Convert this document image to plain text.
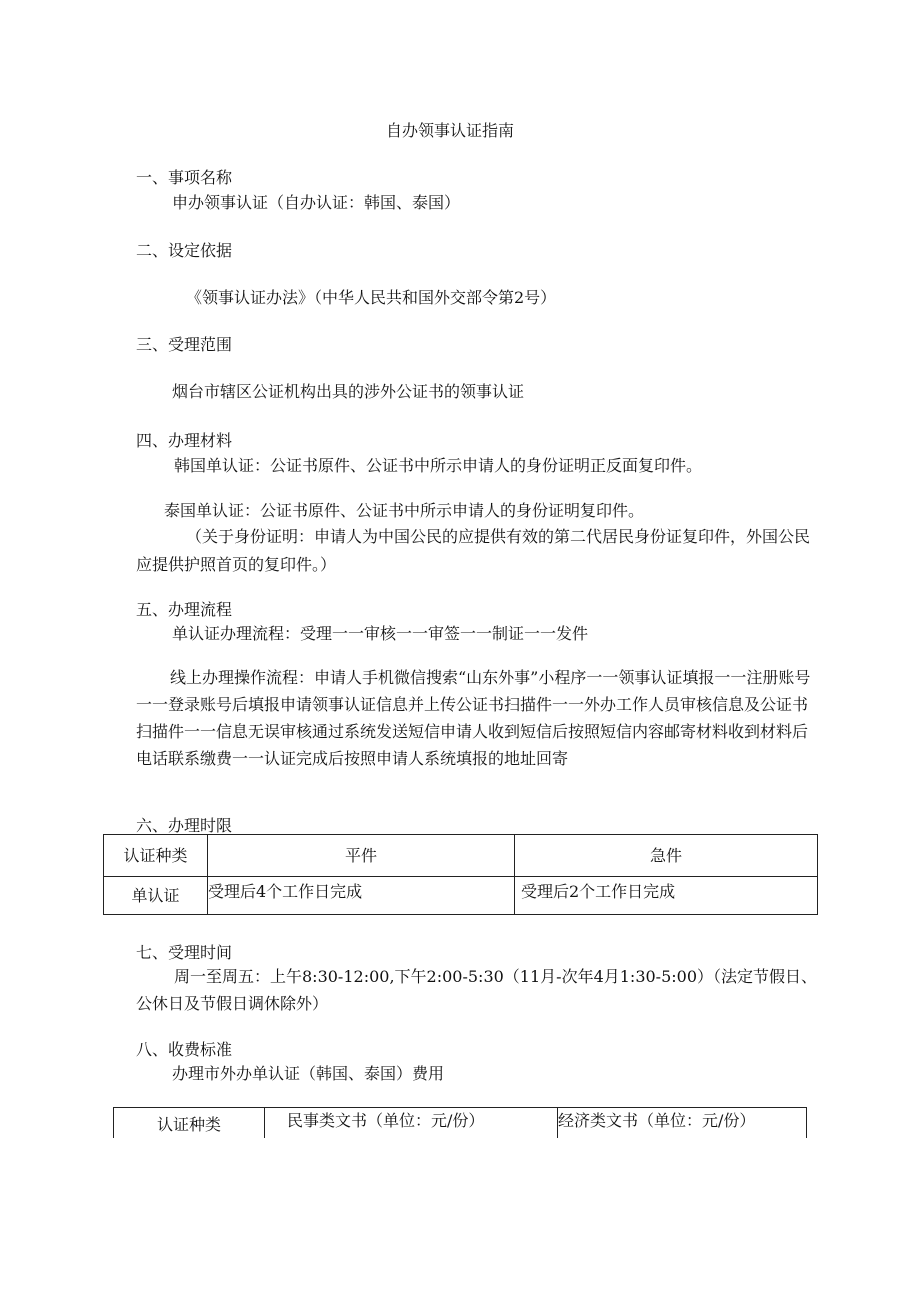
自办领事认证指南
一、事项名称
申办领事认证（自办认证：韩国、泰国）
二、设定依据
《领事认证办法》（中华人民共和国外交部令第2号）
三、受理范围
烟台市辖区公证机构出具的涉外公证书的领事认证
四、办理材料
韩国单认证：公证书原件、公证书中所示申请人的身份证明正反面复印件。
泰国单认证：公证书原件、公证书中所示申请人的身份证明复印件。
（关于身份证明：申请人为中国公民的应提供有效的第二代居民身份证复印件，外国公民应提供护照首页的复印件。）
五、办理流程
单认证办理流程：受理一一审核一一审签一一制证一一发件
线上办理操作流程：申请人手机微信搜索“山东外事”小程序一一领事认证填报一一注册账号一一登录账号后填报申请领事认证信息并上传公证书扫描件一一外办工作人员审核信息及公证书扫描件一一信息无误审核通过系统发送短信申请人收到短信后按照短信内容邮寄材料收到材料后电话联系缴费一一认证完成后按照申请人系统填报的地址回寄
六、办理时限
认证种类	平件	急件
单认证	受理后4个工作日完成	受理后2个工作日完成
七、受理时间
周一至周五：上午8:30-12:00,下午2:00-5:30（11月-次年4月1:30-5:00）（法定节假日、公休日及节假日调休除外）
八、收费标准
办理市外办单认证（韩国、泰国）费用
认证种类	民事类文书（单位：元/份）	经济类文书（单位：元/份）
